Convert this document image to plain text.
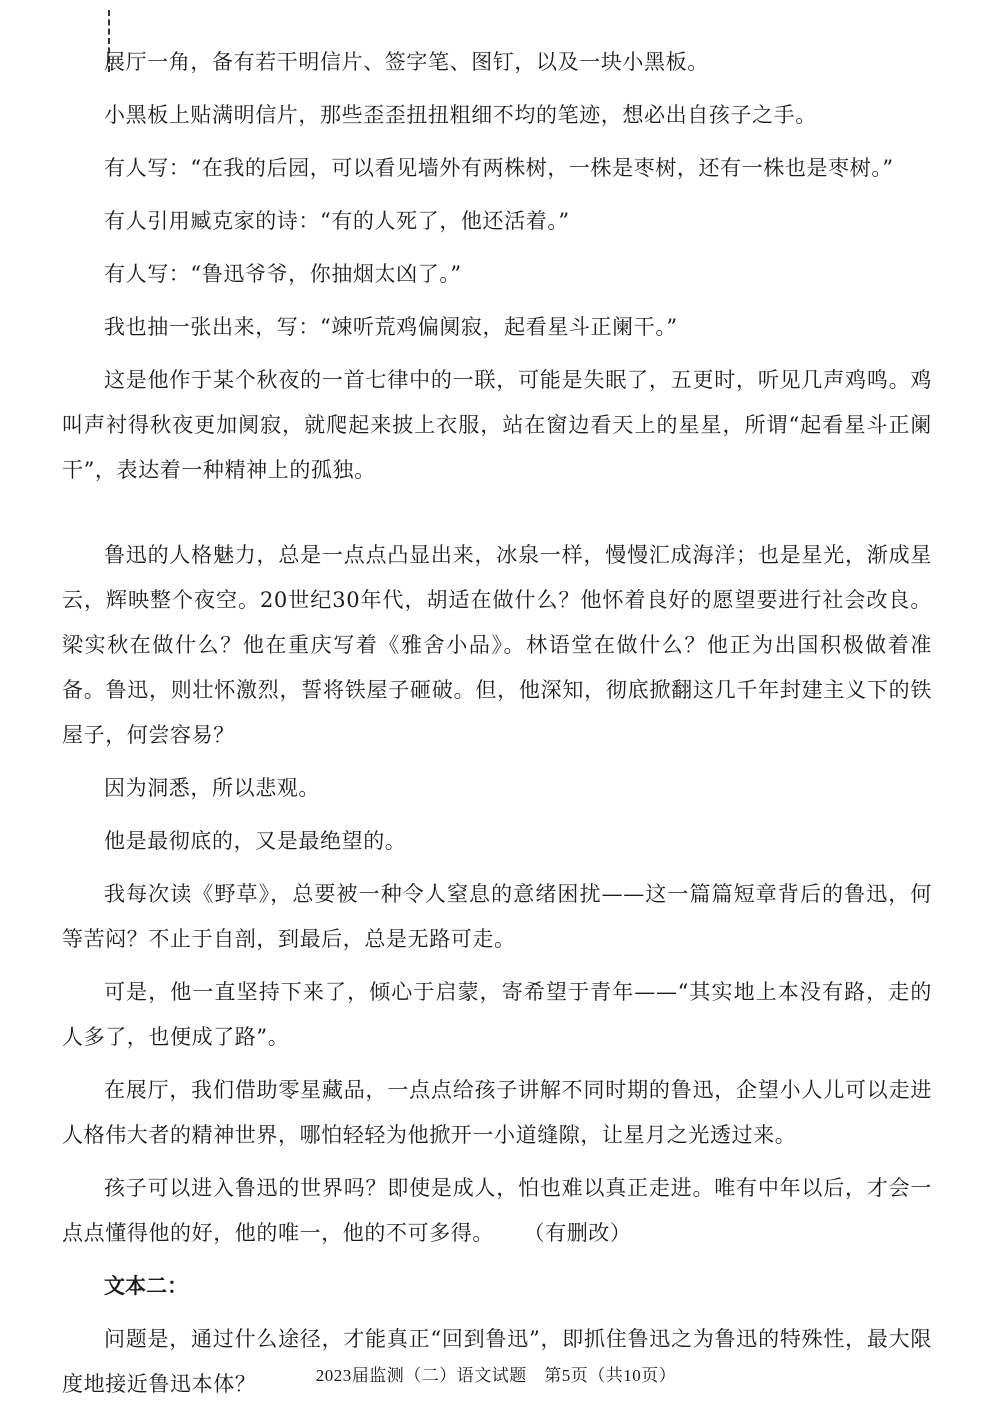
展厅一角，备有若干明信片、签字笔、图钉，以及一块小黑板。

小黑板上贴满明信片，那些歪歪扭扭粗细不均的笔迹，想必出自孩子之手。

有人写：“在我的后园，可以看见墙外有两株树，一株是枣树，还有一株也是枣树。”

有人引用臧克家的诗：“有的人死了，他还活着。”

有人写：“鲁迅爷爷，你抽烟太凶了。”

我也抽一张出来，写：“竦听荒鸡偏阒寂，起看星斗正阑干。”

这是他作于某个秋夜的一首七律中的一联，可能是失眠了，五更时，听见几声鸡鸣。鸡叫声衬得秋夜更加阒寂，就爬起来披上衣服，站在窗边看天上的星星，所谓“起看星斗正阑干”，表达着一种精神上的孤独。

鲁迅的人格魅力，总是一点点凸显出来，冰泉一样，慢慢汇成海洋；也是星光，渐成星云，辉映整个夜空。20世纪30年代，胡适在做什么？他怀着良好的愿望要进行社会改良。梁实秋在做什么？他在重庆写着《雅舍小品》。林语堂在做什么？他正为出国积极做着准备。鲁迅，则壮怀激烈，誓将铁屋子砸破。但，他深知，彻底掀翻这几千年封建主义下的铁屋子，何尝容易？

因为洞悉，所以悲观。

他是最彻底的，又是最绝望的。

我每次读《野草》，总要被一种令人窒息的意绪困扰——这一篇篇短章背后的鲁迅，何等苦闷？不止于自剖，到最后，总是无路可走。

可是，他一直坚持下来了，倾心于启蒙，寄希望于青年——“其实地上本没有路，走的人多了，也便成了路”。

在展厅，我们借助零星藏品，一点点给孩子讲解不同时期的鲁迅，企望小人儿可以走进人格伟大者的精神世界，哪怕轻轻为他掀开一小道缝隙，让星月之光透过来。

孩子可以进入鲁迅的世界吗？即使是成人，怕也难以真正走进。唯有中年以后，才会一点点懂得他的好，他的唯一，他的不可多得。 （有删改）

文本二：

问题是，通过什么途径，才能真正“回到鲁迅”，即抓住鲁迅之为鲁迅的特殊性，最大限度地接近鲁迅本体？	2023届监测（二）语文试题　第5页（共10页）
